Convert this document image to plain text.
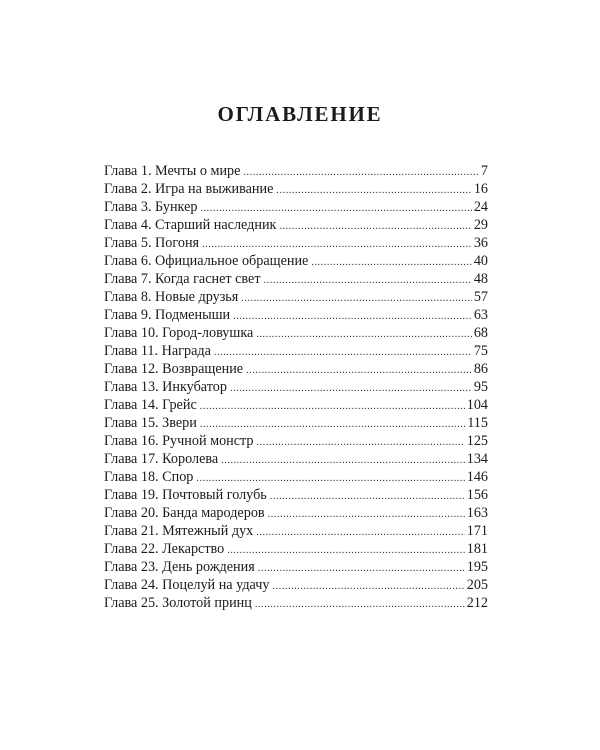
ОГЛАВЛЕНИЕ
Глава 1. Мечты о мире .....	7
Глава 2. Игра на выживание .....	16
Глава 3. Бункер .....	24
Глава 4. Старший наследник .....	29
Глава 5. Погоня .....	36
Глава 6. Официальное обращение .....	40
Глава 7. Когда гаснет свет .....	48
Глава 8. Новые друзья .....	57
Глава 9. Подменыши .....	63
Глава 10. Город-ловушка .....	68
Глава 11. Награда .....	75
Глава 12. Возвращение .....	86
Глава 13. Инкубатор .....	95
Глава 14. Грейс .....	104
Глава 15. Звери .....	115
Глава 16. Ручной монстр .....	125
Глава 17. Королева .....	134
Глава 18. Спор .....	146
Глава 19. Почтовый голубь .....	156
Глава 20. Банда мародеров .....	163
Глава 21. Мятежный дух .....	171
Глава 22. Лекарство .....	181
Глава 23. День рождения .....	195
Глава 24. Поцелуй на удачу .....	205
Глава 25. Золотой принц .....	212
